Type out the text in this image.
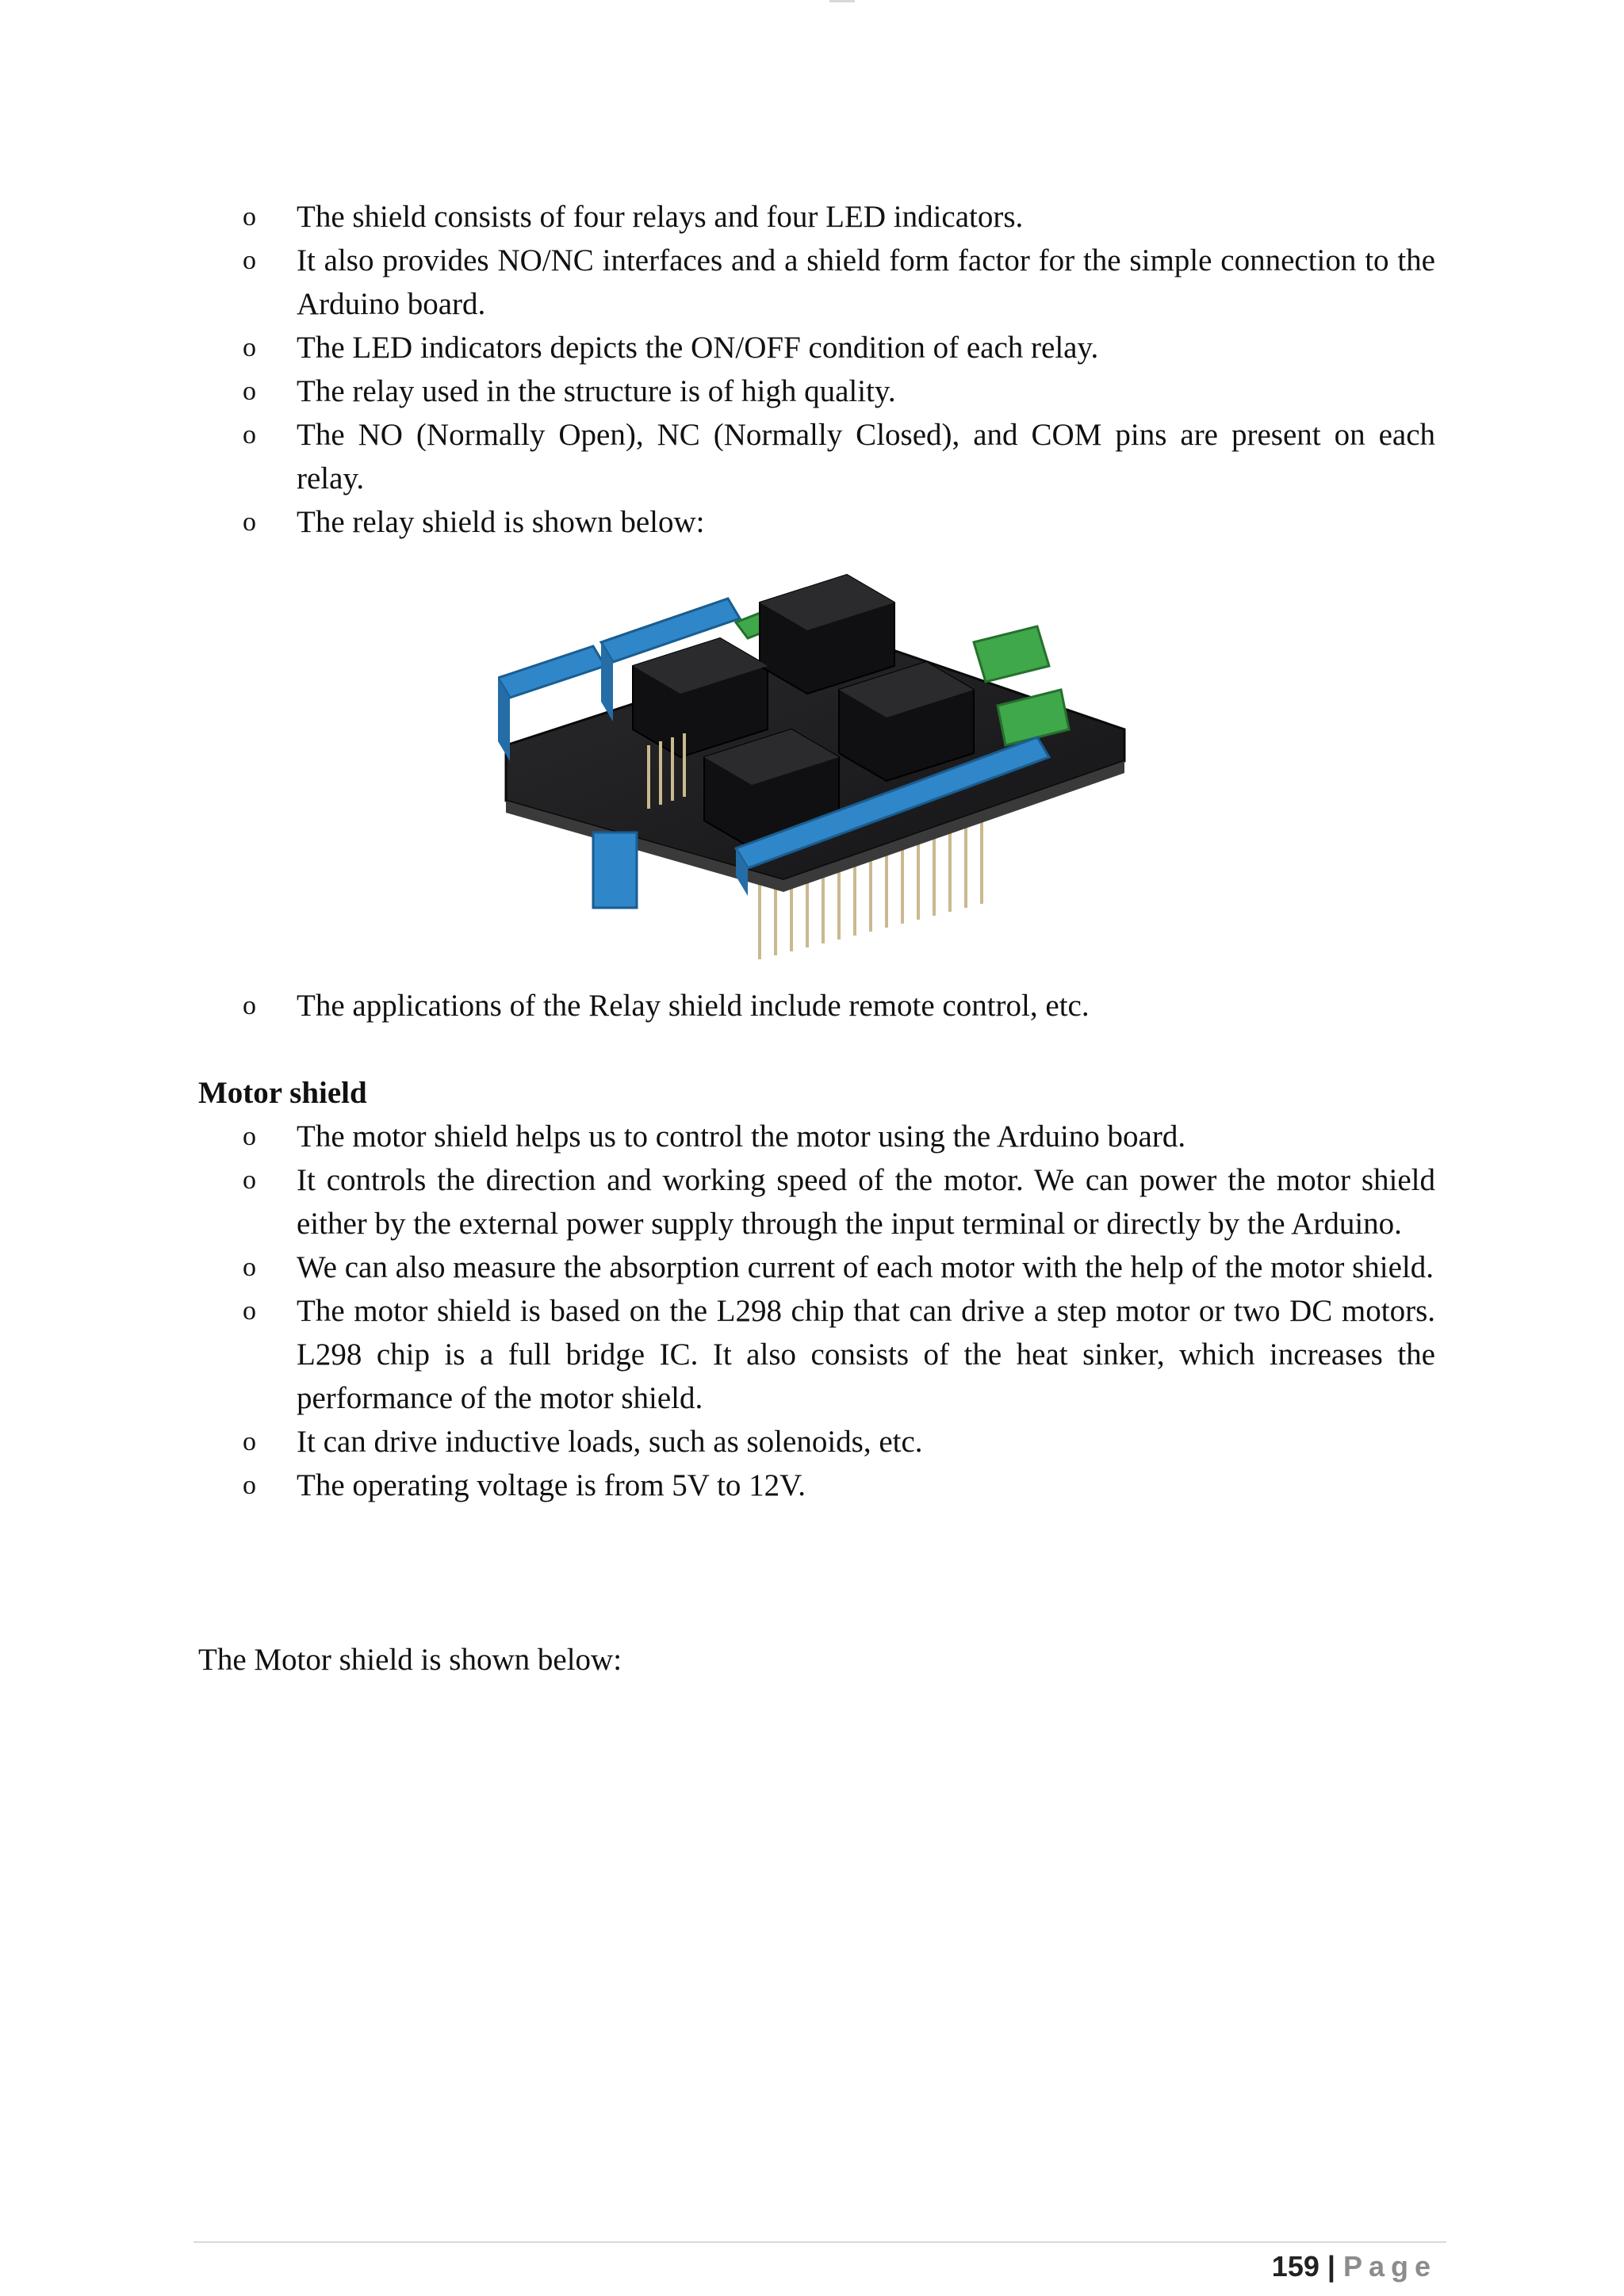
o The shield consists of four relays and four LED indicators.
o It also provides NO/NC interfaces and a shield form factor for the simple connection to the Arduino board.
o The LED indicators depicts the ON/OFF condition of each relay.
o The relay used in the structure is of high quality.
o The NO (Normally Open), NC (Normally Closed), and COM pins are present on each relay.
o The relay shield is shown below:
o The applications of the Relay shield include remote control, etc.
Motor shield
o The motor shield helps us to control the motor using the Arduino board.
o It controls the direction and working speed of the motor. We can power the motor shield either by the external power supply through the input terminal or directly by the Arduino.
o We can also measure the absorption current of each motor with the help of the motor shield.
o The motor shield is based on the L298 chip that can drive a step motor or two DC motors. L298 chip is a full bridge IC. It also consists of the heat sinker, which increases the performance of the motor shield.
o It can drive inductive loads, such as solenoids, etc.
o The operating voltage is from 5V to 12V.
The Motor shield is shown below:
159 | Page
